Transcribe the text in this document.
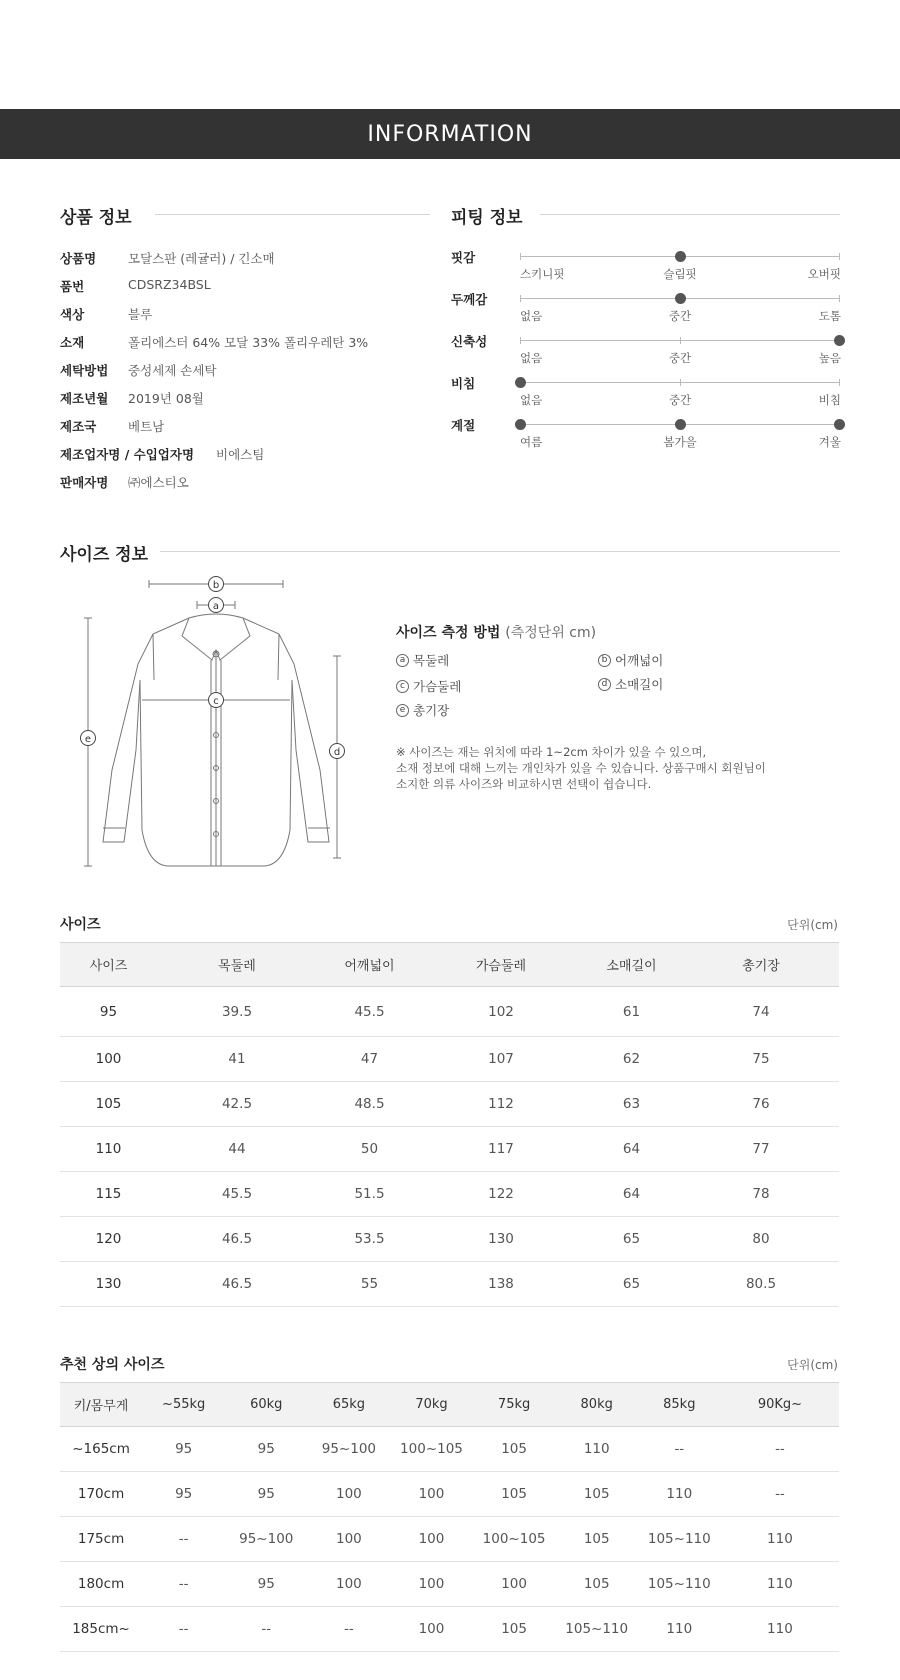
INFORMATION
상품 정보
상품명	모달스판 (레귤러) / 긴소매
품번	CDSRZ34BSL
색상	블루
소재	폴리에스터 64% 모달 33% 폴리우레탄 3%
세탁방법	중성세제 손세탁
제조년월	2019년 08월
제조국	베트남
제조업자명 / 수입업자명 비에스팀
판매자명	㈜에스티오
피팅 정보
핏감
스키니핏	슬림핏	오버핏
두께감
없음	중간	도톰
신축성
없음	중간	높음
비침
없음	중간	비침
계절
여름	봄가을	겨울
사이즈 정보
b
a
c
e
d
사이즈 측정 방법 (측정단위 cm)
a 목둘레	b 어깨넓이
c 가슴둘레	d 소매길이
e 총기장
※ 사이즈는 재는 위치에 따라 1~2cm 차이가 있을 수 있으며,
소재 정보에 대해 느끼는 개인차가 있을 수 있습니다. 상품구매시 회원님이
소지한 의류 사이즈와 비교하시면 선택이 쉽습니다.
사이즈	단위(cm)
사이즈	목둘레	어깨넓이	가슴둘레	소매길이	총기장
95	39.5	45.5	102	61	74
100	41	47	107	62	75
105	42.5	48.5	112	63	76
110	44	50	117	64	77
115	45.5	51.5	122	64	78
120	46.5	53.5	130	65	80
130	46.5	55	138	65	80.5
추천 상의 사이즈	단위(cm)
키/몸무게	~55kg	60kg	65kg	70kg	75kg	80kg	85kg	90Kg~
~165cm	95	95	95~100	100~105	105	110	--	--
170cm	95	95	100	100	105	105	110	--
175cm	--	95~100	100	100	100~105	105	105~110	110
180cm	--	95	100	100	100	105	105~110	110
185cm~	--	--	--	100	105	105~110	110	110
